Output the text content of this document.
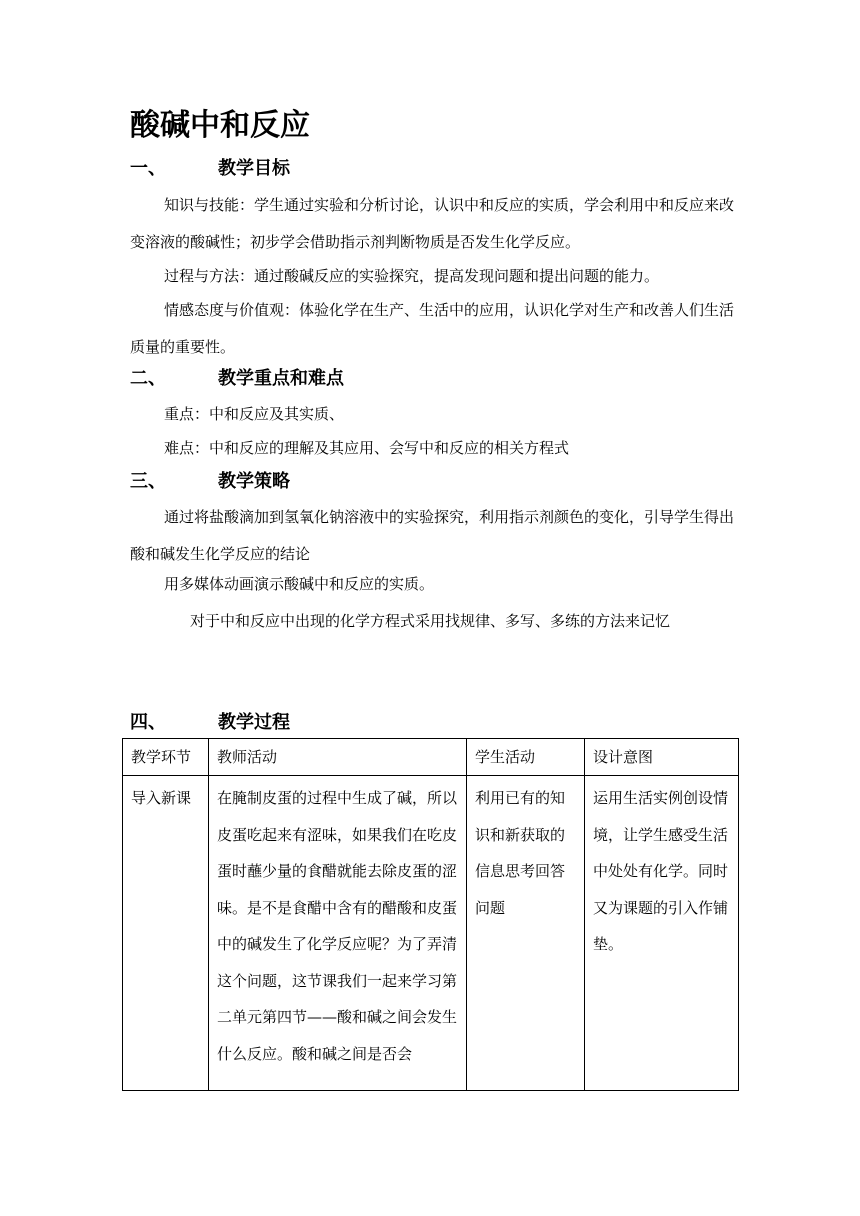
酸碱中和反应
一、	教学目标
知识与技能：学生通过实验和分析讨论，认识中和反应的实质，学会利用中和反应来改变溶液的酸碱性；初步学会借助指示剂判断物质是否发生化学反应。
过程与方法：通过酸碱反应的实验探究，提高发现问题和提出问题的能力。
情感态度与价值观：体验化学在生产、生活中的应用，认识化学对生产和改善人们生活质量的重要性。
二、	教学重点和难点
重点：中和反应及其实质、
难点：中和反应的理解及其应用、会写中和反应的相关方程式
三、	教学策略
通过将盐酸滴加到氢氧化钠溶液中的实验探究，利用指示剂颜色的变化，引导学生得出酸和碱发生化学反应的结论
用多媒体动画演示酸碱中和反应的实质。
对于中和反应中出现的化学方程式采用找规律、多写、多练的方法来记忆
四、	教学过程
教学环节	教师活动	学生活动	设计意图
导入新课	在腌制皮蛋的过程中生成了碱，所以皮蛋吃起来有涩味，如果我们在吃皮蛋时蘸少量的食醋就能去除皮蛋的涩味。是不是食醋中含有的醋酸和皮蛋中的碱发生了化学反应呢？为了弄清这个问题，这节课我们一起来学习第二单元第四节——酸和碱之间会发生什么反应。酸和碱之间是否会	利用已有的知识和新获取的信息思考回答问题	运用生活实例创设情境，让学生感受生活中处处有化学。同时又为课题的引入作铺垫。
